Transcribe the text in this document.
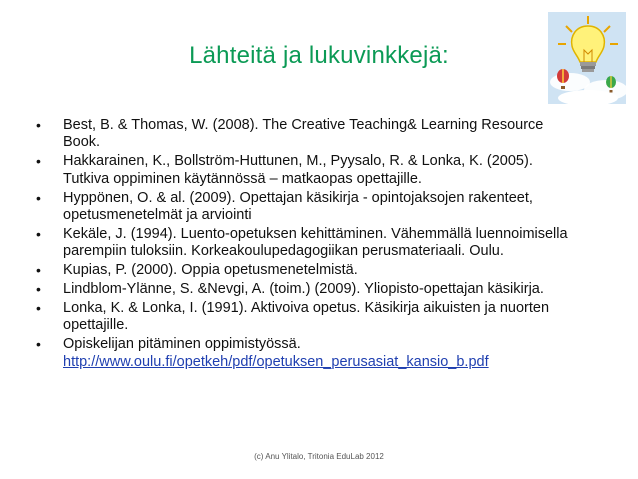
Lähteitä ja lukuvinkkejä:
• Best, B. & Thomas, W. (2008). The Creative Teaching& Learning Resource Book.
• Hakkarainen, K., Bollström-Huttunen, M., Pyysalo, R. & Lonka, K. (2005). Tutkiva oppiminen käytännössä – matkaopas opettajille.
• Hyppönen, O. & al. (2009). Opettajan käsikirja - opintojaksojen rakenteet, opetusmenetelmät ja arviointi
• Kekäle, J. (1994). Luento-opetuksen kehittäminen. Vähemmällä luennoimisella parempiin tuloksiin. Korkeakoulupedagogiikan perusmateriaali. Oulu.
• Kupias, P. (2000). Oppia opetusmenetelmistä.
• Lindblom-Ylänne, S. &Nevgi, A. (toim.) (2009). Yliopisto-opettajan käsikirja.
• Lonka, K. & Lonka, I. (1991). Aktivoiva opetus. Käsikirja aikuisten ja nuorten opettajille.
• Opiskelijan pitäminen oppimistyössä.
http://www.oulu.fi/opetkeh/pdf/opetuksen_perusasiat_kansio_b.pdf
(c) Anu Ylitalo, Tritonia EduLab 2012
